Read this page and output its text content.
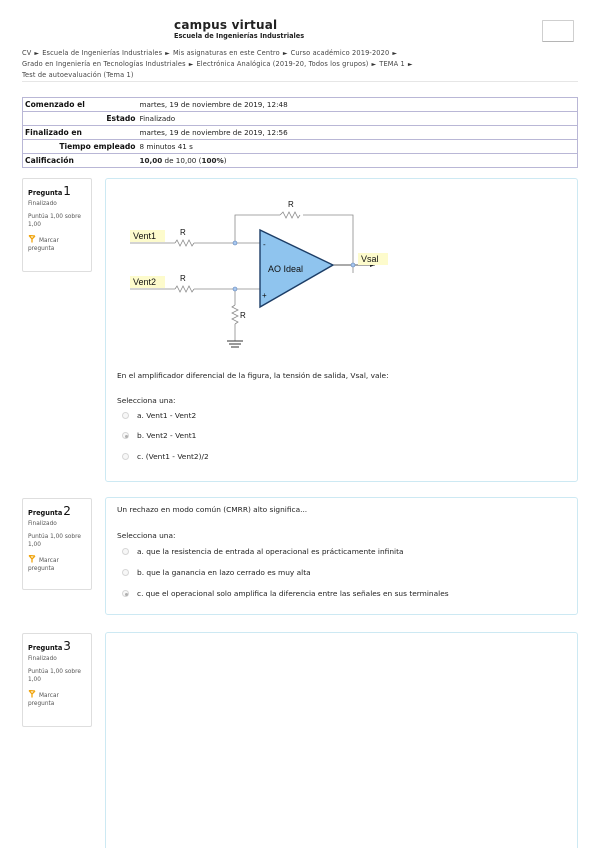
campus virtual
Escuela de Ingenierías Industriales
CV ► Escuela de Ingenierías Industriales ► Mis asignaturas en este Centro ► Curso académico 2019-2020 ►
Grado en Ingeniería en Tecnologías Industriales ► Electrónica Analógica (2019-20, Todos los grupos) ► TEMA 1 ►
Test de autoevaluación (Tema 1)
Comenzado el	martes, 19 de noviembre de 2019, 12:48
Estado	Finalizado
Finalizado en	martes, 19 de noviembre de 2019, 12:56
Tiempo empleado	8 minutos 41 s
Calificación	10,00 de 10,00 (100%)
Pregunta1
Finalizado
Puntúa 1,00 sobre 1,00
Marcar pregunta
Vent1
Vent2
Vsal
AO Ideal
R
R
R
R
-
+
En el amplificador diferencial de la figura, la tensión de salida, Vsal, vale:
Selecciona una:
a. Vent1 - Vent2
b. Vent2 - Vent1
c. (Vent1 - Vent2)/2
Pregunta2
Finalizado
Puntúa 1,00 sobre 1,00
Marcar pregunta
Un rechazo en modo común (CMRR) alto significa...
Selecciona una:
a. que la resistencia de entrada al operacional es prácticamente infinita
b. que la ganancia en lazo cerrado es muy alta
c. que el operacional solo amplifica la diferencia entre las señales en sus terminales
Pregunta3
Finalizado
Puntúa 1,00 sobre 1,00
Marcar pregunta
